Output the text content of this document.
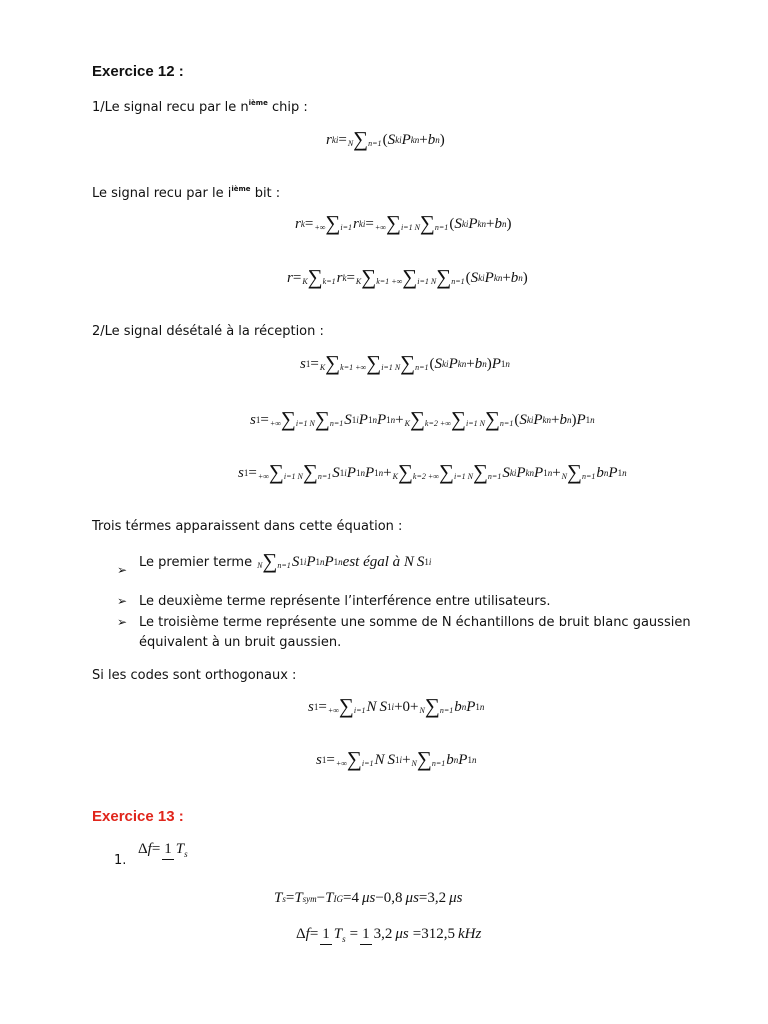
Exercice 12 :
1/Le signal recu par le $n^{ième}$ chip :
r ki = N∑n=1 ( S ki P kn + b n )
Le signal recu par le $i^{ième}$ bit :
r k = +∞∑i=1 r ki = +∞∑i=1 N∑n=1 ( S ki P kn + b n )
r = K∑k=1 r k = K∑k=1 +∞∑i=1 N∑n=1 ( S ki P kn + b n )
2/Le signal désétalé à la réception :
s 1 = K∑k=1 +∞∑i=1 N∑n=1 ( S ki P kn + b n ) P 1n
s 1 = +∞∑i=1 N∑n=1 S 1i P 1n P 1n + K∑k=2 +∞∑i=1 N∑n=1 ( S ki P kn + b n ) P 1n
s 1 = +∞∑i=1 N∑n=1 S 1i P 1n P 1n + K∑k=2 +∞∑i=1 N∑n=1 S ki P kn P 1n + N∑n=1 b n P 1n
Trois térmes apparaissent dans cette équation :
➢
Le premier terme N∑n=1 S 1i P 1n P 1n est égal à N S 1i
➢ Le deuxième terme représente l’interférence entre utilisateurs.
➢ Le troisième terme représente une somme de N échantillons de bruit blanc gaussien
équivalent à un bruit gaussien.
Si les codes sont orthogonaux :
s 1 = +∞∑i=1 N S 1i +0+ N∑n=1 b n P 1n
s 1 = +∞∑i=1 N S 1i + N∑n=1 b n P 1n
Exercice 13 :
1.
Δ f = 1 Ts
T s = T sym − T IG = 4 μs − 0,8 μs = 3,2 μs
Δ f = 1 Ts = 1 3,2 μs = 312,5 kHz
